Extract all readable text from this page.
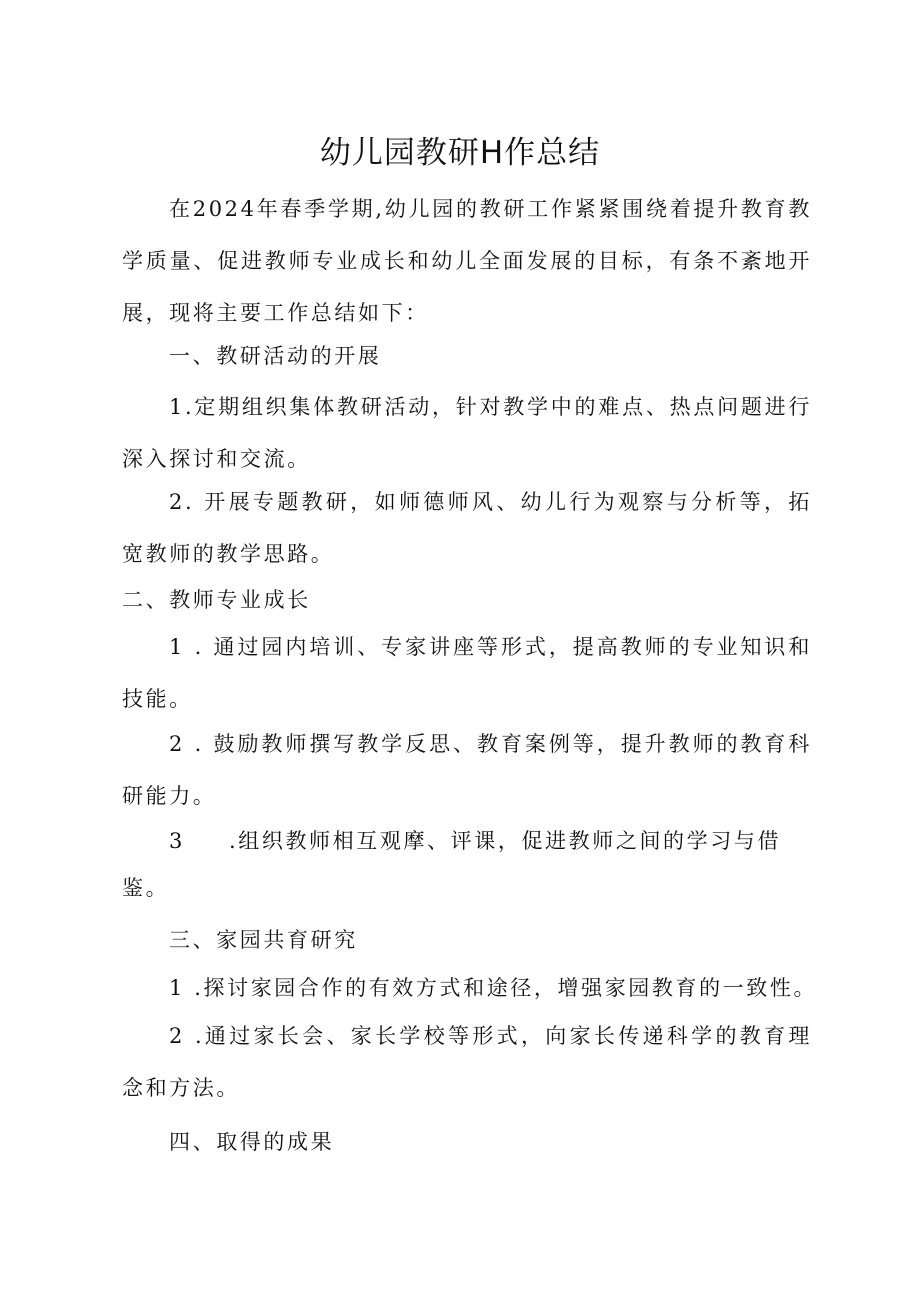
幼儿园教研H作总结
在2024年春季学期,幼儿园的教研工作紧紧围绕着提升教育教学质量、促进教师专业成长和幼儿全面发展的目标，有条不紊地开展，现将主要工作总结如下：
一、教研活动的开展
1.定期组织集体教研活动，针对教学中的难点、热点问题进行深入探讨和交流。
2. 开展专题教研，如师德师风、幼儿行为观察与分析等，拓宽教师的教学思路。
二、教师专业成长
1 . 通过园内培训、专家讲座等形式，提高教师的专业知识和技能。
2 . 鼓励教师撰写教学反思、教育案例等，提升教师的教育科研能力。
3 .组织教师相互观摩、评课，促进教师之间的学习与借
鉴。
三、家园共育研究
1 .探讨家园合作的有效方式和途径，增强家园教育的一致性。
2 .通过家长会、家长学校等形式，向家长传递科学的教育理念和方法。
四、取得的成果
